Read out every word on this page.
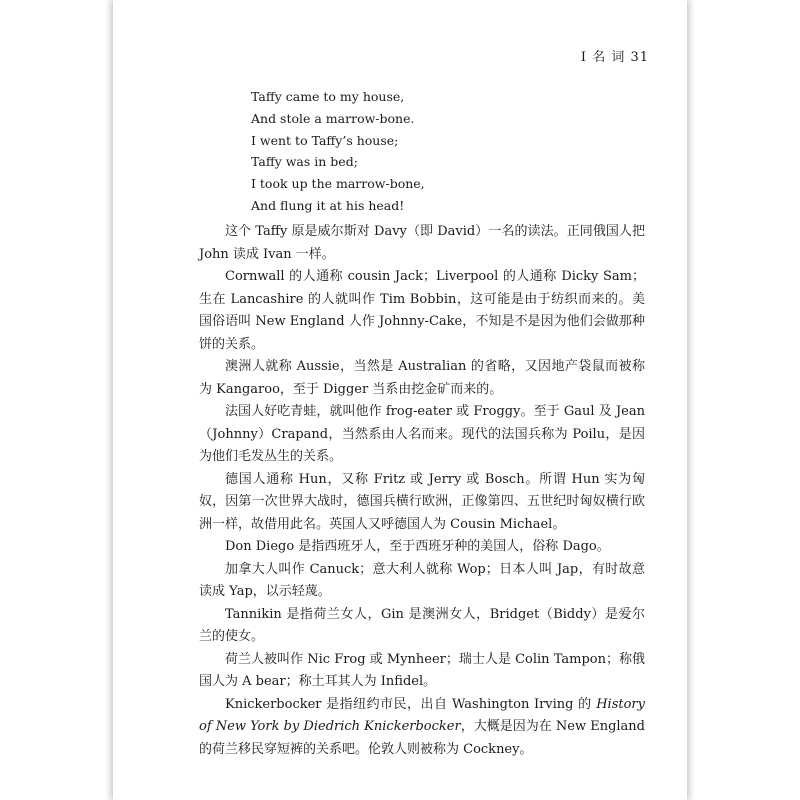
I 名 词 31
Taffy came to my house,
And stole a marrow-bone.
I went to Taffy’s house;
Taffy was in bed;
I took up the marrow-bone,
And flung it at his head!

这个 Taffy 原是威尔斯对 Davy（即 David）一名的读法。正同俄国人把John 读成 Ivan 一样。

Cornwall 的人通称 cousin Jack；Liverpool 的人通称 Dicky Sam；生在 Lancashire 的人就叫作 Tim Bobbin，这可能是由于纺织而来的。美国俗语叫 New England 人作 Johnny-Cake，不知是不是因为他们会做那种饼的关系。

澳洲人就称 Aussie，当然是 Australian 的省略，又因地产袋鼠而被称为 Kangaroo，至于 Digger 当系由挖金矿而来的。

法国人好吃青蛙，就叫他作 frog-eater 或 Froggy。至于 Gaul 及 Jean（Johnny）Crapand，当然系由人名而来。现代的法国兵称为 Poilu，是因为他们毛发丛生的关系。

德国人通称 Hun，又称 Fritz 或 Jerry 或 Bosch。所谓 Hun 实为匈奴，因第一次世界大战时，德国兵横行欧洲，正像第四、五世纪时匈奴横行欧洲一样，故借用此名。英国人又呼德国人为 Cousin Michael。

Don Diego 是指西班牙人，至于西班牙种的美国人，俗称 Dago。

加拿大人叫作 Canuck；意大利人就称 Wop；日本人叫 Jap，有时故意读成 Yap，以示轻蔑。

Tannikin 是指荷兰女人，Gin 是澳洲女人，Bridget（Biddy）是爱尔兰的使女。

荷兰人被叫作 Nic Frog 或 Mynheer；瑞士人是 Colin Tampon；称俄国人为 A bear；称土耳其人为 Infidel。

Knickerbocker 是指纽约市民，出自 Washington Irving 的 History of New York by Diedrich Knickerbocker，大概是因为在 New England 的荷兰移民穿短裤的关系吧。伦敦人则被称为 Cockney。
